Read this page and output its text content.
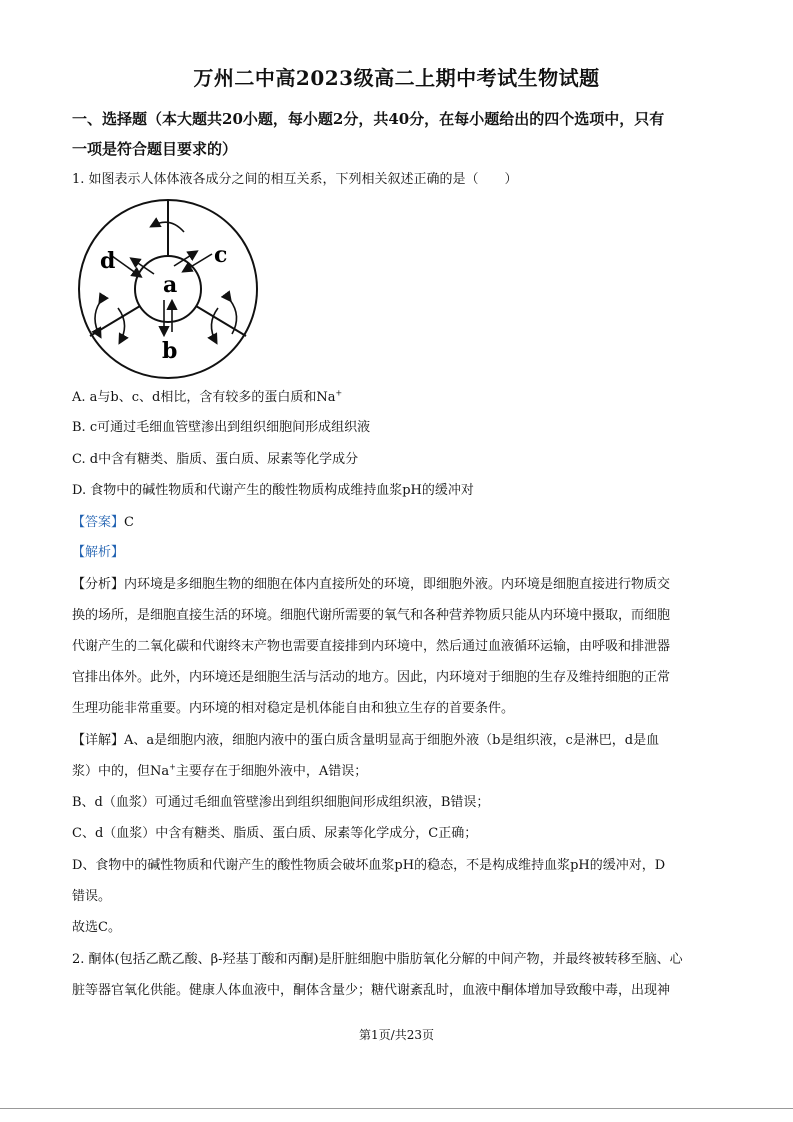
万州二中高2023级高二上期中考试生物试题
一、选择题（本大题共20小题，每小题2分，共40分，在每小题给出的四个选项中，只有
一项是符合题目要求的）
1. 如图表示人体体液各成分之间的相互关系，下列相关叙述正确的是（　　）
a
d	c
b
A. a与b、c、d相比，含有较多的蛋白质和Na+
B. c可通过毛细血管壁渗出到组织细胞间形成组织液
C. d中含有糖类、脂质、蛋白质、尿素等化学成分
D. 食物中的碱性物质和代谢产生的酸性物质构成维持血浆pH的缓冲对
【答案】C
【解析】
【分析】内环境是多细胞生物的细胞在体内直接所处的环境，即细胞外液。内环境是细胞直接进行物质交
换的场所，是细胞直接生活的环境。细胞代谢所需要的氧气和各种营养物质只能从内环境中摄取，而细胞
代谢产生的二氧化碳和代谢终末产物也需要直接排到内环境中，然后通过血液循环运输，由呼吸和排泄器
官排出体外。此外，内环境还是细胞生活与活动的地方。因此，内环境对于细胞的生存及维持细胞的正常
生理功能非常重要。内环境的相对稳定是机体能自由和独立生存的首要条件。
【详解】A、a是细胞内液，细胞内液中的蛋白质含量明显高于细胞外液（b是组织液，c是淋巴，d是血
浆）中的，但Na+主要存在于细胞外液中，A错误；
B、d（血浆）可通过毛细血管壁渗出到组织细胞间形成组织液，B错误；
C、d（血浆）中含有糖类、脂质、蛋白质、尿素等化学成分，C正确；
D、食物中的碱性物质和代谢产生的酸性物质会破坏血浆pH的稳态，不是构成维持血浆pH的缓冲对，D
错误。
故选C。
2. 酮体(包括乙酰乙酸、β-羟基丁酸和丙酮)是肝脏细胞中脂肪氧化分解的中间产物，并最终被转移至脑、心
脏等器官氧化供能。健康人体血液中，酮体含量少；糖代谢紊乱时，血液中酮体增加导致酸中毒，出现神
第1页/共23页
